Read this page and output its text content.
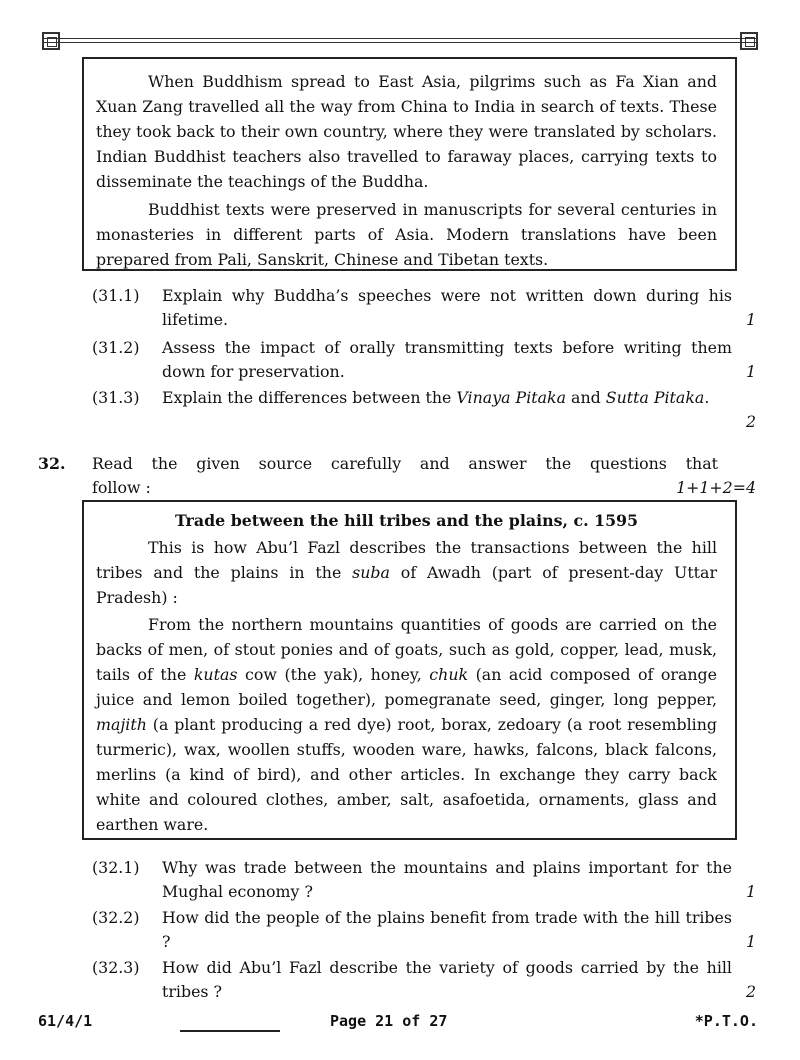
When Buddhism spread to East Asia, pilgrims such as Fa Xian and Xuan Zang travelled all the way from China to India in search of texts. These they took back to their own country, where they were translated by scholars. Indian Buddhist teachers also travelled to faraway places, carrying texts to disseminate the teachings of the Buddha.

Buddhist texts were preserved in manuscripts for several centuries in monasteries in different parts of Asia. Modern translations have been prepared from Pali, Sanskrit, Chinese and Tibetan texts.

(31.1) Explain why Buddha’s speeches were not written down during his lifetime.	1
(31.2) Assess the impact of orally transmitting texts before writing them down for preservation.	1
(31.3) Explain the differences between the Vinaya Pitaka and Sutta Pitaka.
2
32. Read the given source carefully and answer the questions that
follow :	1+1+2=4

Trade between the hill tribes and the plains, c. 1595

This is how Abu’l Fazl describes the transactions between the hill tribes and the plains in the suba of Awadh (part of present-day Uttar Pradesh) :

From the northern mountains quantities of goods are carried on the backs of men, of stout ponies and of goats, such as gold, copper, lead, musk, tails of the kutas cow (the yak), honey, chuk (an acid composed of orange juice and lemon boiled together), pomegranate seed, ginger, long pepper, majith (a plant producing a red dye) root, borax, zedoary (a root resembling turmeric), wax, woollen stuffs, wooden ware, hawks, falcons, black falcons, merlins (a kind of bird), and other articles. In exchange they carry back white and coloured clothes, amber, salt, asafoetida, ornaments, glass and earthen ware.

(32.1) Why was trade between the mountains and plains important for the Mughal economy ?	1
(32.2) How did the people of the plains benefit from trade with the hill tribes ?	1
(32.3) How did Abu’l Fazl describe the variety of goods carried by the hill tribes ?	2
61/4/1	Page 21 of 27	*P.T.O.
